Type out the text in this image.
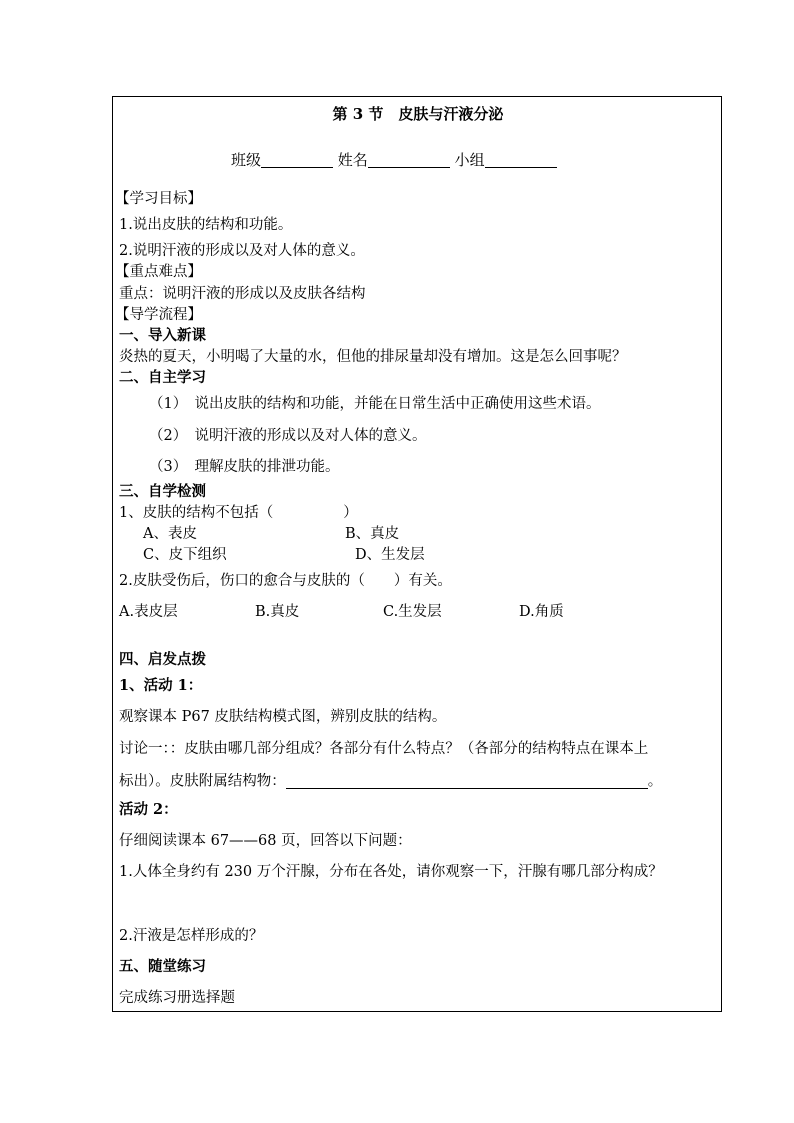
第 3 节　皮肤与汗液分泌
班级	姓名	小组
【学习目标】
1.说出皮肤的结构和功能。
2.说明汗液的形成以及对人体的意义。
【重点难点】
重点：说明汗液的形成以及皮肤各结构
【导学流程】
一、导入新课
炎热的夏天，小明喝了大量的水，但他的排尿量却没有增加。这是怎么回事呢？
二、自主学习
（1）　说出皮肤的结构和功能，并能在日常生活中正确使用这些术语。
（2）　说明汗液的形成以及对人体的意义。
（3）　理解皮肤的排泄功能。
三、自学检测
1、皮肤的结构不包括（	）
A、表皮	B、真皮
C、皮下组织	D、生发层
2.皮肤受伤后，伤口的愈合与皮肤的（　　）有关。
A.表皮层	B.真皮	C.生发层	D.角质
四、启发点拨
1、活动 1：
观察课本 P67 皮肤结构模式图，辨别皮肤的结构。
讨论一：：皮肤由哪几部分组成？各部分有什么特点？（各部分的结构特点在课本上
标出）。皮肤附属结构物：	。
活动 2：
仔细阅读课本 67——68 页，回答以下问题：
1.人体全身约有 230 万个汗腺，分布在各处，请你观察一下，汗腺有哪几部分构成？
2.汗液是怎样形成的？
五、随堂练习
完成练习册选择题
